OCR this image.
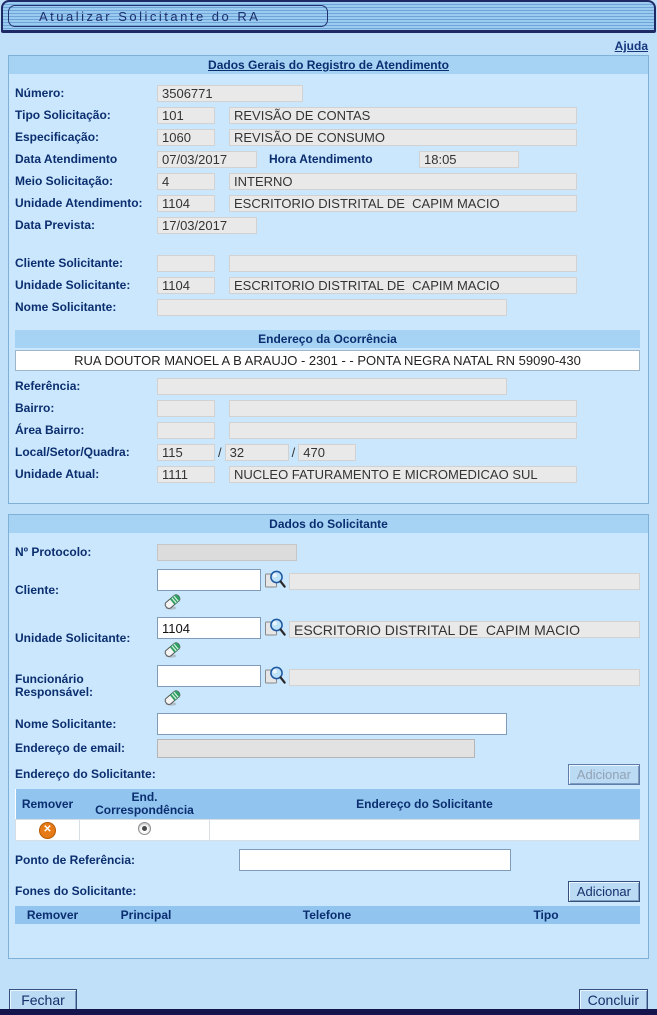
Atualizar Solicitante do RA
Ajuda
Dados Gerais do Registro de Atendimento
Número:	3506771
Tipo Solicitação:	101	REVISÃO DE CONTAS
Especificação:	1060	REVISÃO DE CONSUMO
Data Atendimento	07/03/2017	Hora Atendimento	18:05
Meio Solicitação:	4	INTERNO
Unidade Atendimento:	1104	ESCRITORIO DISTRITAL DE  CAPIM MACIO
Data Prevista:	17/03/2017
Cliente Solicitante:
Unidade Solicitante:	1104	ESCRITORIO DISTRITAL DE  CAPIM MACIO
Nome Solicitante:
Endereço da Ocorrência
RUA DOUTOR MANOEL A B ARAUJO - 2301 - - PONTA NEGRA NATAL RN 59090-430
Referência:
Bairro:
Área Bairro:
Local/Setor/Quadra:	115	/ 32	/ 470
Unidade Atual:	1111	NUCLEO FATURAMENTO E MICROMEDICAO SUL
Dados do Solicitante
Nº Protocolo:
Cliente:
Unidade Solicitante:
1104	ESCRITORIO DISTRITAL DE  CAPIM MACIO
Funcionário Responsável:
Nome Solicitante:
Endereço de email:
Endereço do Solicitante:	Adicionar
Remover	End. Correspondência	Endereço do Solicitante
✕		
Ponto de Referência:
Fones do Solicitante:	Adicionar
Remover	Principal	Telefone	Tipo
Fechar	Concluir
